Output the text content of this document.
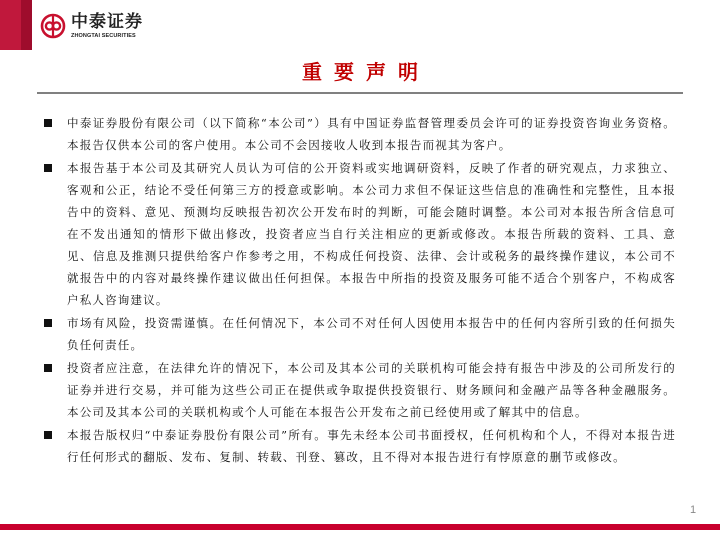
中泰证券
ZHONGTAI SECURITIES
重要声明
中泰证券股份有限公司（以下简称“本公司”）具有中国证券监督管理委员会许可的证券投资咨询业务资格。本报告仅供本公司的客户使用。本公司不会因接收人收到本报告而视其为客户。
本报告基于本公司及其研究人员认为可信的公开资料或实地调研资料，反映了作者的研究观点，力求独立、客观和公正，结论不受任何第三方的授意或影响。本公司力求但不保证这些信息的准确性和完整性，且本报告中的资料、意见、预测均反映报告初次公开发布时的判断，可能会随时调整。本公司对本报告所含信息可在不发出通知的情形下做出修改，投资者应当自行关注相应的更新或修改。本报告所载的资料、工具、意见、信息及推测只提供给客户作参考之用，不构成任何投资、法律、会计或税务的最终操作建议，本公司不就报告中的内容对最终操作建议做出任何担保。本报告中所指的投资及服务可能不适合个别客户，不构成客户私人咨询建议。
市场有风险，投资需谨慎。在任何情况下，本公司不对任何人因使用本报告中的任何内容所引致的任何损失负任何责任。
投资者应注意，在法律允许的情况下，本公司及其本公司的关联机构可能会持有报告中涉及的公司所发行的证券并进行交易，并可能为这些公司正在提供或争取提供投资银行、财务顾问和金融产品等各种金融服务。本公司及其本公司的关联机构或个人可能在本报告公开发布之前已经使用或了解其中的信息。
本报告版权归“中泰证券股份有限公司”所有。事先未经本公司书面授权，任何机构和个人，不得对本报告进行任何形式的翻版、发布、复制、转载、刊登、篡改，且不得对本报告进行有悖原意的删节或修改。
1
